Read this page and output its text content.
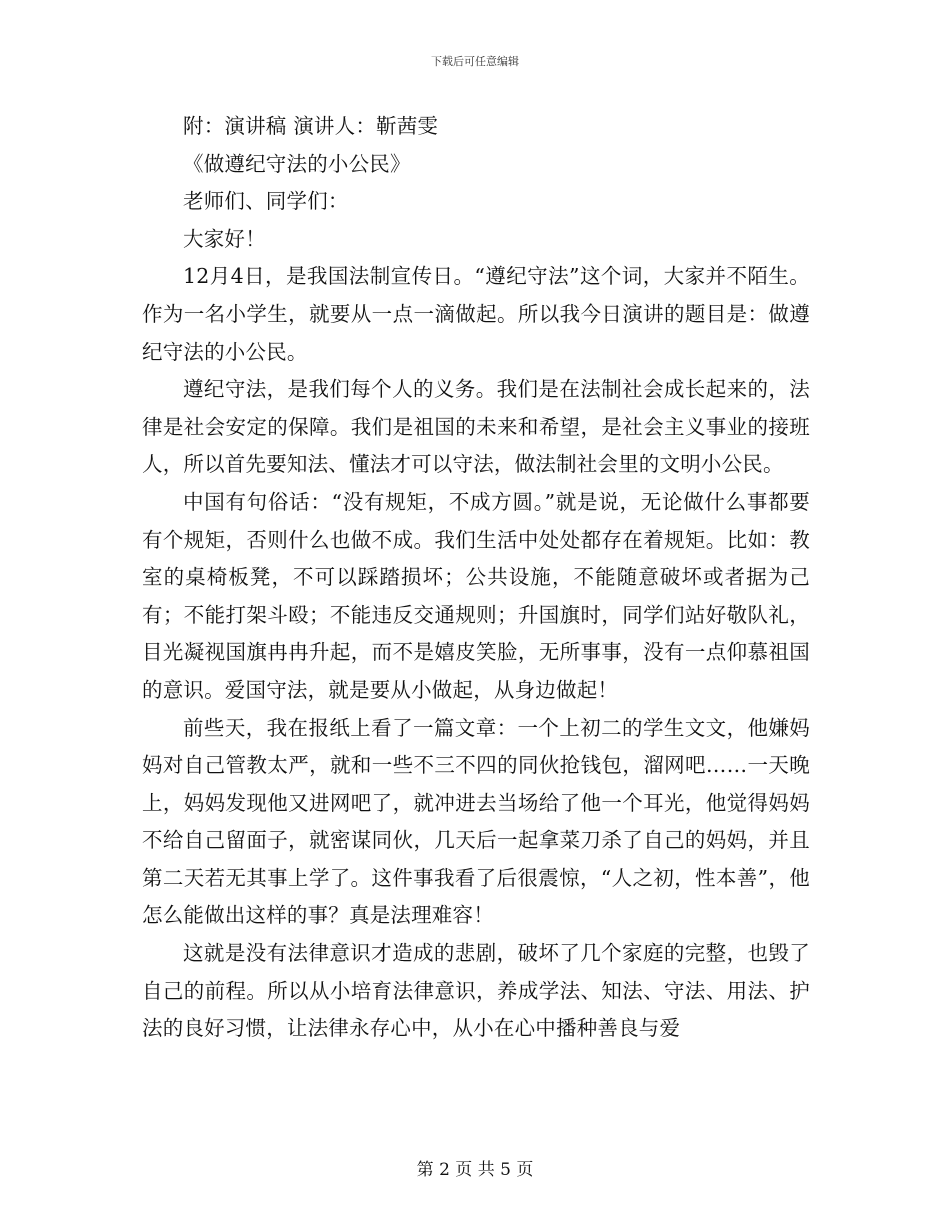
下载后可任意编辑

附：演讲稿 演讲人：靳茜雯

《做遵纪守法的小公民》

老师们、同学们：

大家好！

12月4日，是我国法制宣传日。“遵纪守法”这个词，大家并不陌生。作为一名小学生，就要从一点一滴做起。所以我今日演讲的题目是：做遵纪守法的小公民。

遵纪守法，是我们每个人的义务。我们是在法制社会成长起来的，法律是社会安定的保障。我们是祖国的未来和希望，是社会主义事业的接班人，所以首先要知法、懂法才可以守法，做法制社会里的文明小公民。

中国有句俗话：“没有规矩，不成方圆。”就是说，无论做什么事都要有个规矩，否则什么也做不成。我们生活中处处都存在着规矩。比如：教室的桌椅板凳，不可以踩踏损坏；公共设施，不能随意破坏或者据为己有；不能打架斗殴；不能违反交通规则；升国旗时，同学们站好敬队礼，目光凝视国旗冉冉升起，而不是嬉皮笑脸，无所事事，没有一点仰慕祖国的意识。爱国守法，就是要从小做起，从身边做起！

前些天，我在报纸上看了一篇文章：一个上初二的学生文文，他嫌妈妈对自己管教太严，就和一些不三不四的同伙抢钱包，溜网吧……一天晚上，妈妈发现他又进网吧了，就冲进去当场给了他一个耳光，他觉得妈妈不给自己留面子，就密谋同伙，几天后一起拿菜刀杀了自己的妈妈，并且第二天若无其事上学了。这件事我看了后很震惊，“人之初，性本善”，他怎么能做出这样的事？真是法理难容！

这就是没有法律意识才造成的悲剧，破坏了几个家庭的完整，也毁了自己的前程。所以从小培育法律意识，养成学法、知法、守法、用法、护法的良好习惯，让法律永存心中，从小在心中播种善良与爱

第 2 页 共 5 页
